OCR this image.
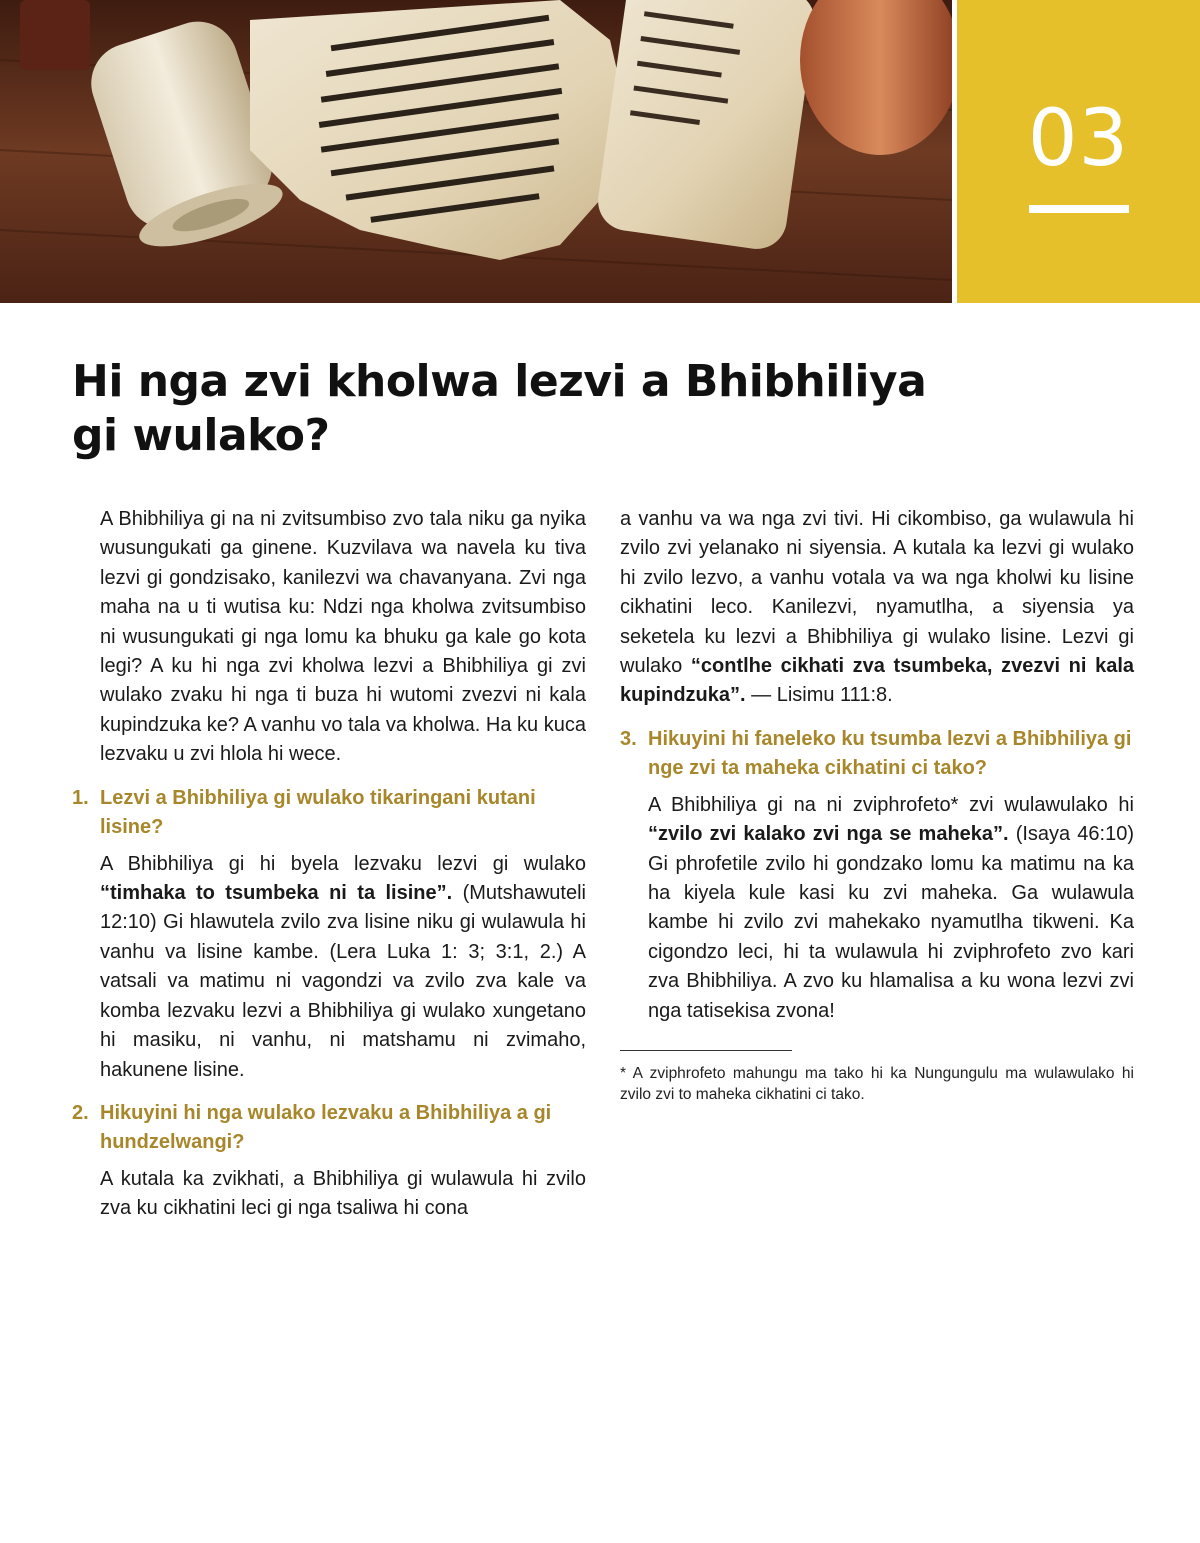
03
Hi nga zvi kholwa lezvi a Bhibhiliya gi wulako?

A Bhibhiliya gi na ni zvitsumbiso zvo tala niku ga nyika wusungukati ga ginene. Kuzvilava wa navela ku tiva lezvi gi gondzisako, kanilezvi wa chavanyana. Zvi nga maha na u ti wutisa ku: Ndzi nga kholwa zvitsumbiso ni wusungukati gi nga lomu ka bhuku ga kale go kota legi? A ku hi nga zvi kholwa lezvi a Bhibhiliya gi zvi wulako zvaku hi nga ti buza hi wutomi zvezvi ni kala kupindzuka ke? A vanhu vo tala va kholwa. Ha ku kuca lezvaku u zvi hlola hi wece.

1. Lezvi a Bhibhiliya gi wulako tikaringani kutani lisine?

A Bhibhiliya gi hi byela lezvaku lezvi gi wulako “timhaka to tsumbeka ni ta lisine”. (Mutshawuteli 12:10) Gi hlawutela zvilo zva lisine niku gi wulawula hi vanhu va lisine kambe. (Lera Luka 1: 3; 3:1, 2.) A vatsali va matimu ni vagondzi va zvilo zva kale va komba lezvaku lezvi a Bhibhiliya gi wulako xungetano hi masiku, ni vanhu, ni matshamu ni zvimaho, hakunene lisine.

2. Hikuyini hi nga wulako lezvaku a Bhibhiliya a gi hundzelwangi?

A kutala ka zvikhati, a Bhibhiliya gi wulawula hi zvilo zva ku cikhatini leci gi nga tsaliwa hi cona

a vanhu va wa nga zvi tivi. Hi cikombiso, ga wulawula hi zvilo zvi yelanako ni siyensia. A kutala ka lezvi gi wulako hi zvilo lezvo, a vanhu votala va wa nga kholwi ku lisine cikhatini leco. Kanilezvi, nyamutlha, a siyensia ya seketela ku lezvi a Bhibhiliya gi wulako lisine. Lezvi gi wulako “contlhe cikhati zva tsumbeka, zvezvi ni kala kupindzuka”. — Lisimu 111:8.

3. Hikuyini hi faneleko ku tsumba lezvi a Bhibhiliya gi nge zvi ta maheka cikhatini ci tako?

A Bhibhiliya gi na ni zviphrofeto* zvi wulawulako hi “zvilo zvi kalako zvi nga se maheka”. (Isaya 46:10) Gi phrofetile zvilo hi gondzako lomu ka matimu na ka ha kiyela kule kasi ku zvi maheka. Ga wulawula kambe hi zvilo zvi mahekako nyamutlha tikweni. Ka cigondzo leci, hi ta wulawula hi zviphrofeto zvo kari zva Bhibhiliya. A zvo ku hlamalisa a ku wona lezvi zvi nga tatisekisa zvona!

* A zviphrofeto mahungu ma tako hi ka Nungungulu ma wulawulako hi zvilo zvi to maheka cikhatini ci tako.
